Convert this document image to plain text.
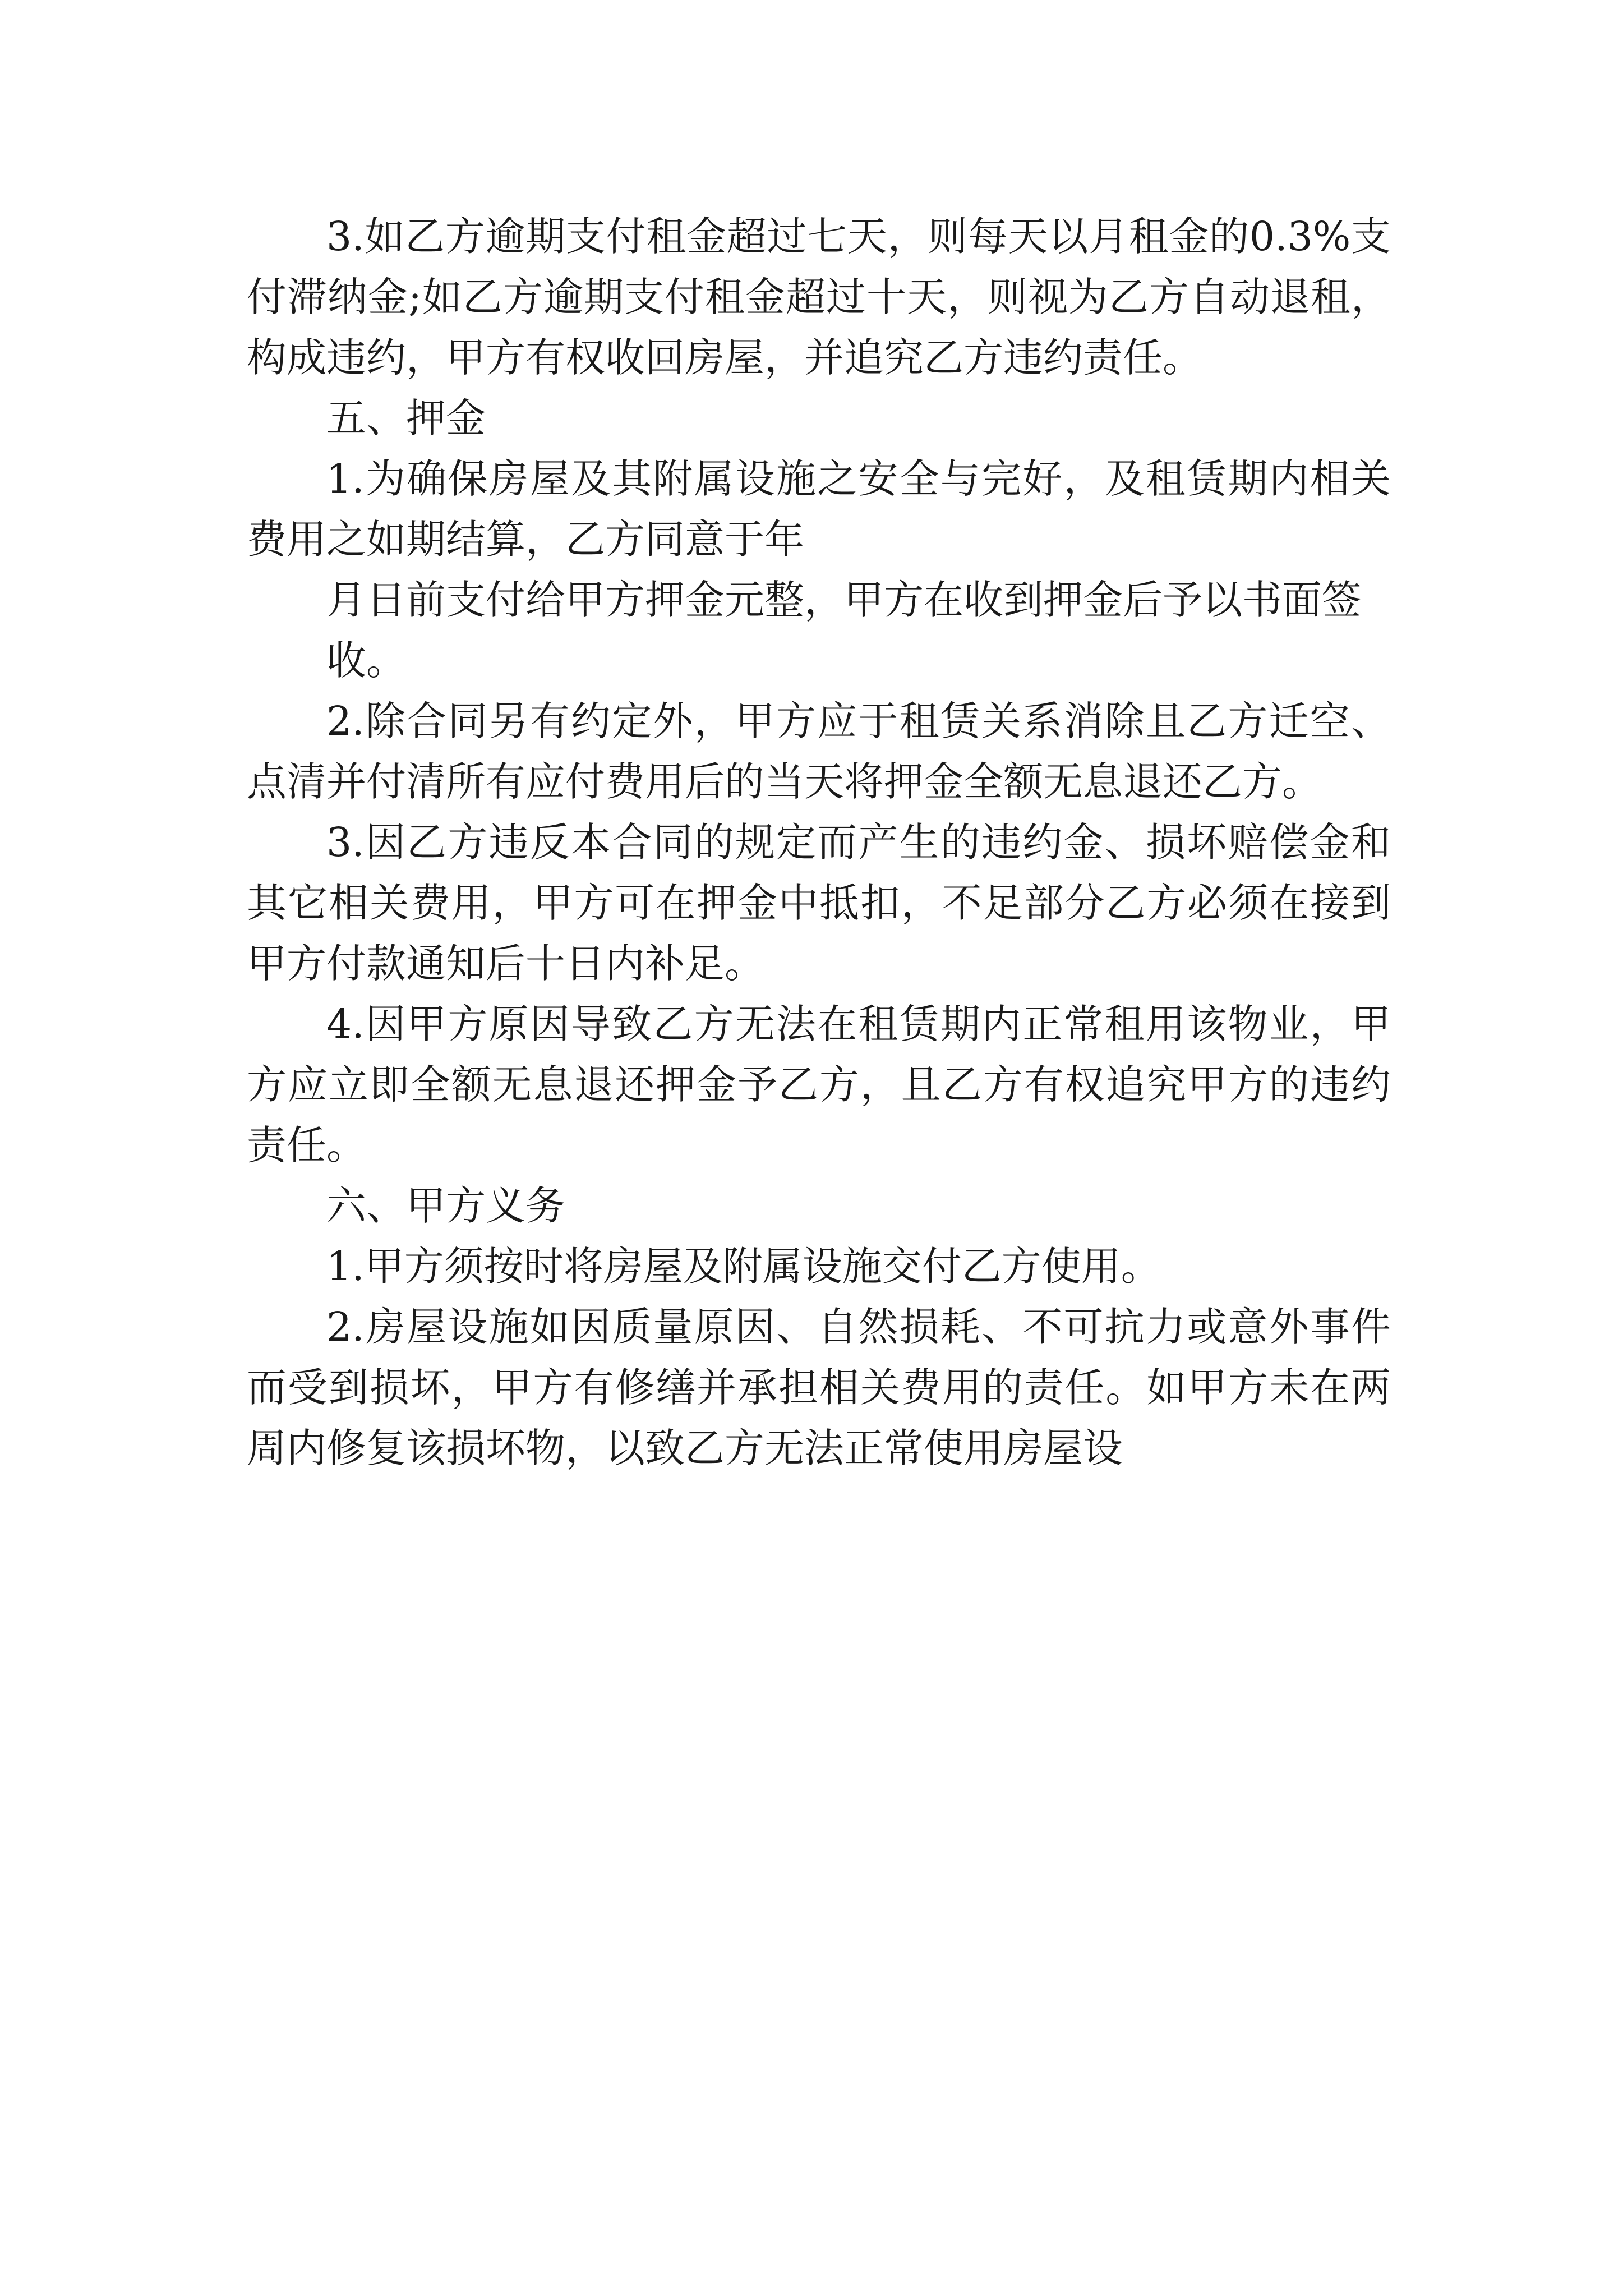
3.如乙方逾期支付租金超过七天，则每天以月租金的0.3%支付滞纳金;如乙方逾期支付租金超过十天，则视为乙方自动退租，构成违约，甲方有权收回房屋，并追究乙方违约责任。

五、押金

1.为确保房屋及其附属设施之安全与完好，及租赁期内相关费用之如期结算，乙方同意于年

月日前支付给甲方押金元整，甲方在收到押金后予以书面签

收。

2.除合同另有约定外，甲方应于租赁关系消除且乙方迁空、点清并付清所有应付费用后的当天将押金全额无息退还乙方。

3.因乙方违反本合同的规定而产生的违约金、损坏赔偿金和其它相关费用，甲方可在押金中抵扣，不足部分乙方必须在接到甲方付款通知后十日内补足。

4.因甲方原因导致乙方无法在租赁期内正常租用该物业，甲方应立即全额无息退还押金予乙方，且乙方有权追究甲方的违约责任。

六、甲方义务

1.甲方须按时将房屋及附属设施交付乙方使用。

2.房屋设施如因质量原因、自然损耗、不可抗力或意外事件而受到损坏，甲方有修缮并承担相关费用的责任。如甲方未在两周内修复该损坏物，以致乙方无法正常使用房屋设
